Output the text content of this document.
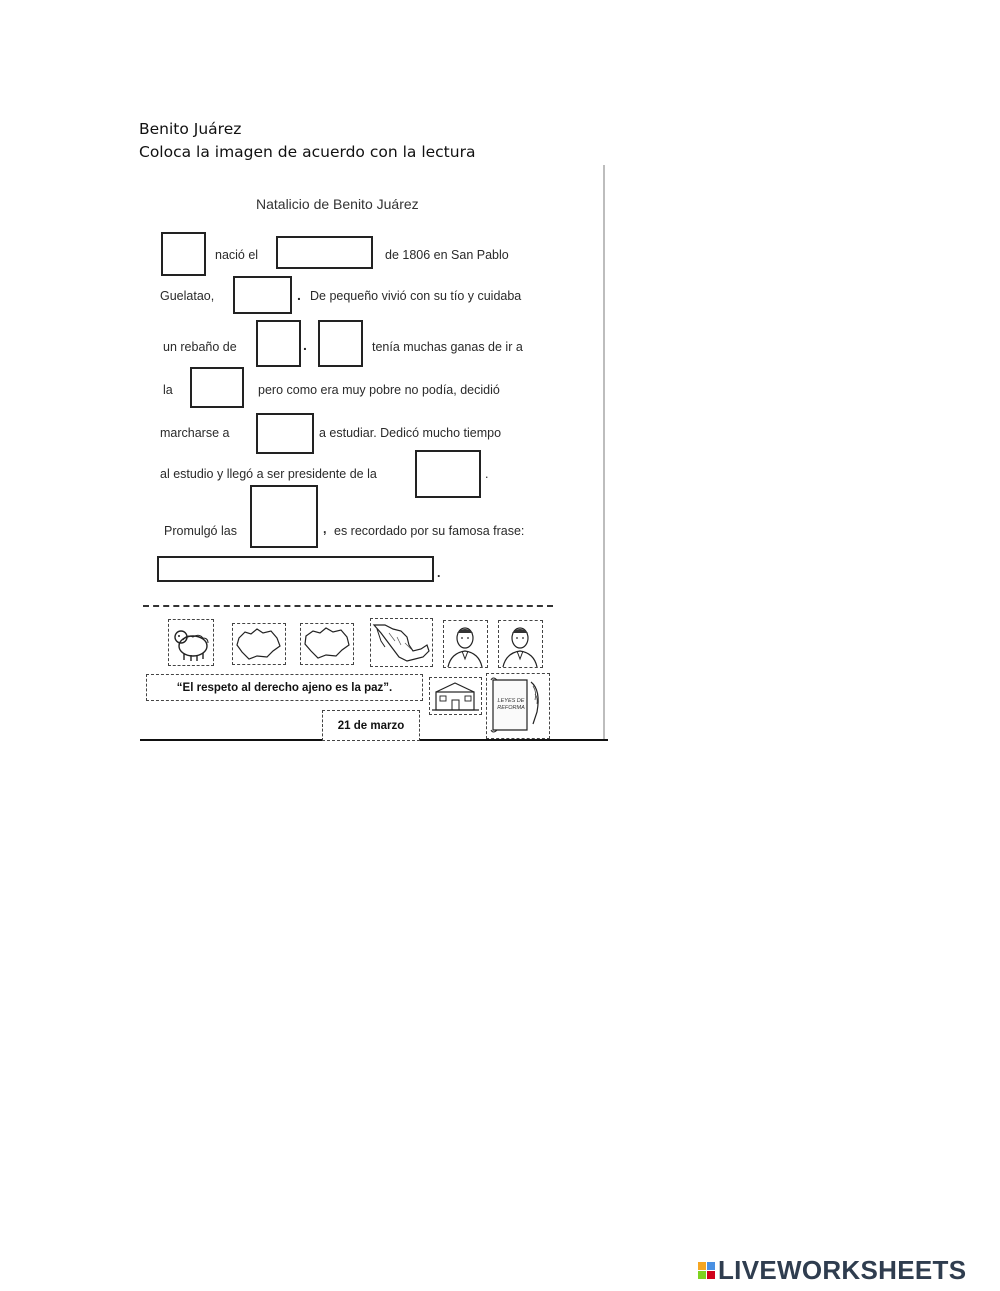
Benito Juárez
Coloca la imagen de acuerdo con la lectura
Natalicio de Benito Juárez
nació el	de 1806 en San Pablo
Guelatao,	. De pequeño vivió con su tío y cuidaba
un rebaño de	.	tenía muchas ganas de ir a
la	pero como era muy pobre no podía, decidió
marcharse a	a estudiar. Dedicó mucho tiempo
al estudio y llegó a ser presidente de la	.
Promulgó las	, es recordado por su famosa frase:
.
“El respeto al derecho ajeno es la paz”.
LEYES DE REFORMA
21 de marzo
LIVEWORKSHEETS
